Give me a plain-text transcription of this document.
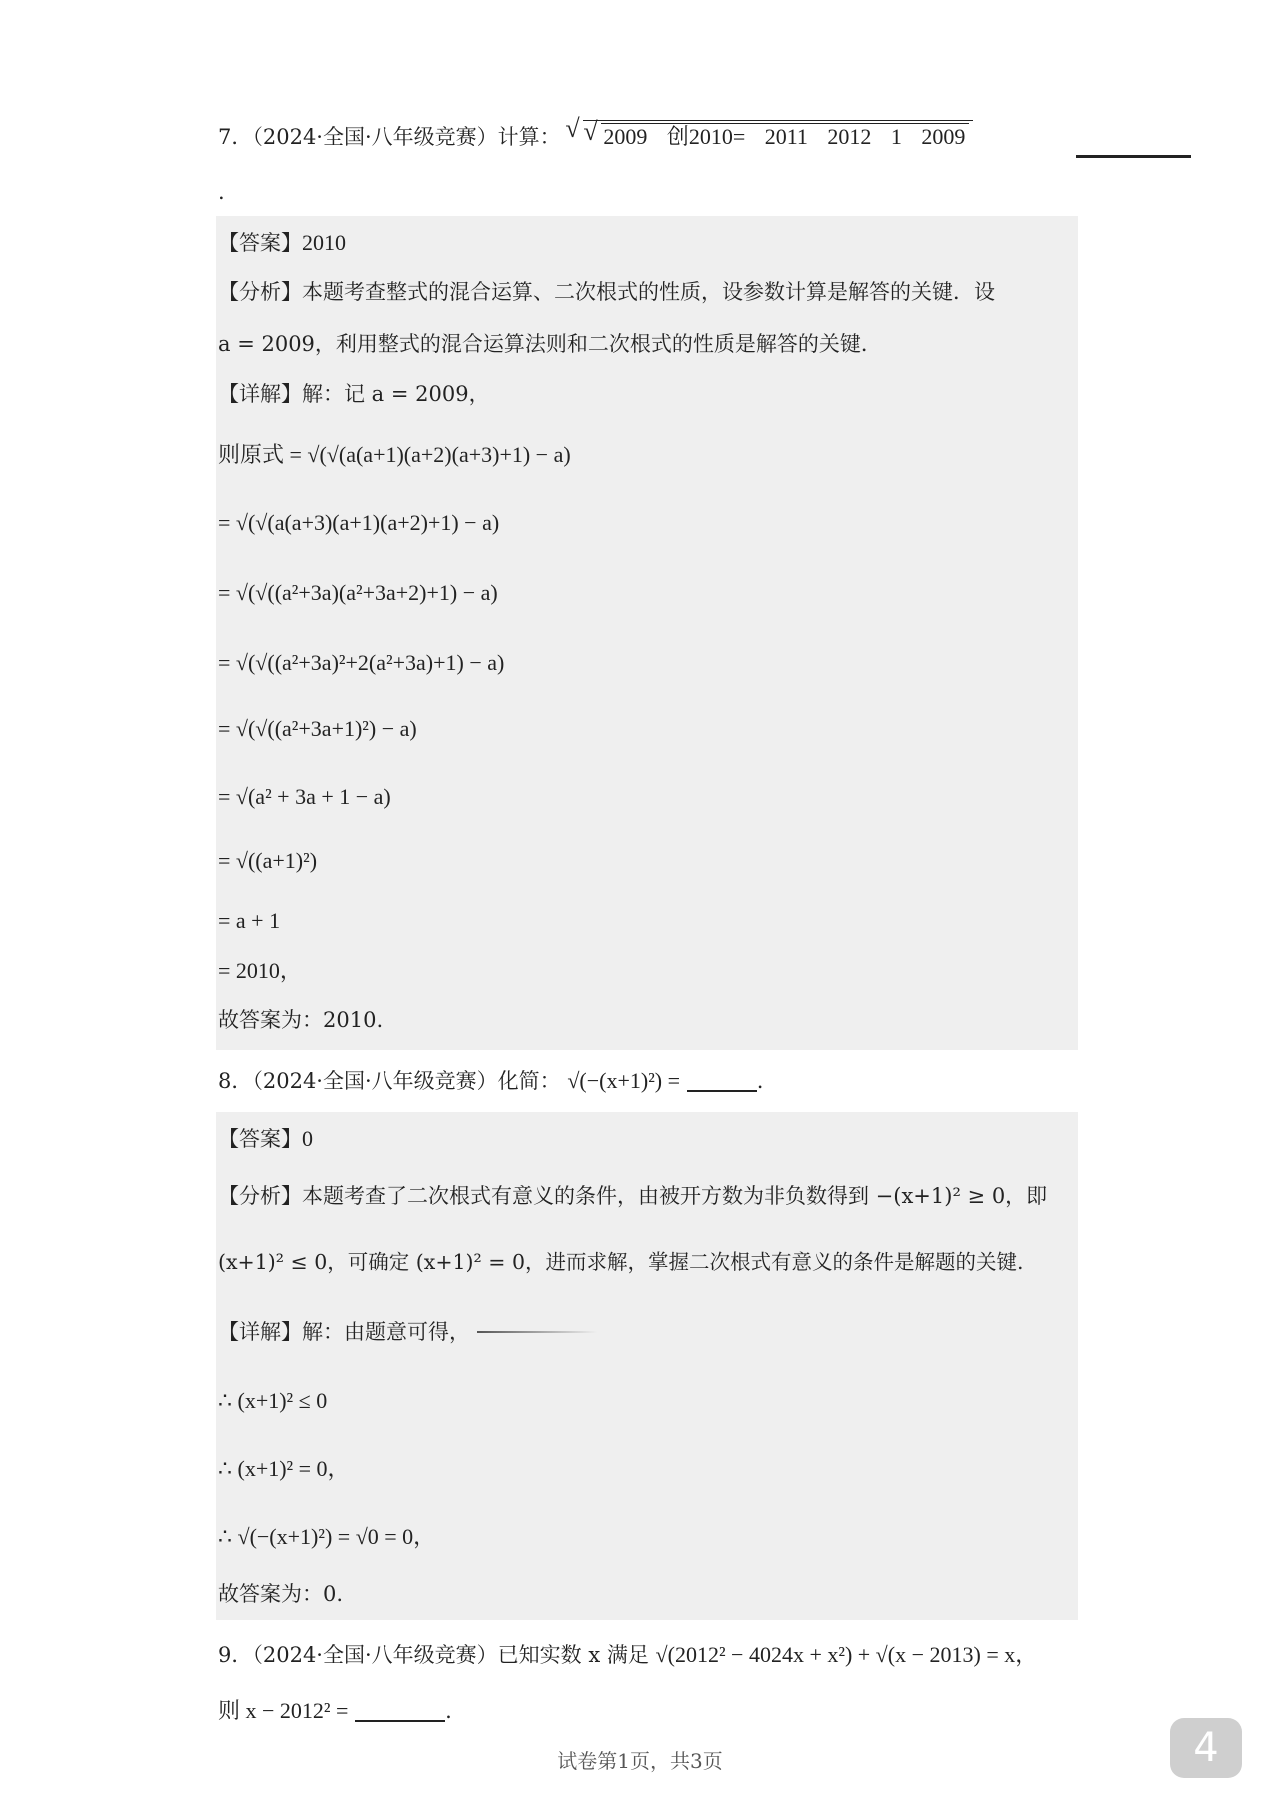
7．（2024·全国·八年级竞赛）计算： √ √ 2009 创2010= 2011 2012 1 2009
.
【答案】2010
【分析】本题考查整式的混合运算、二次根式的性质，设参数计算是解答的关键．设
a = 2009，利用整式的混合运算法则和二次根式的性质是解答的关键．
【详解】解：记 a = 2009，
则原式 = √(√(a(a+1)(a+2)(a+3)+1) − a)
= √(√(a(a+3)(a+1)(a+2)+1) − a)
= √(√((a²+3a)(a²+3a+2)+1) − a)
= √(√((a²+3a)²+2(a²+3a)+1) − a)
= √(√((a²+3a+1)²) − a)
= √(a² + 3a + 1 − a)
= √((a+1)²)
= a + 1
= 2010，
故答案为：2010.
8．（2024·全国·八年级竞赛）化简： √(−(x+1)²) =	.
【答案】0
【分析】本题考查了二次根式有意义的条件，由被开方数为非负数得到 −(x+1)² ≥ 0，即
(x+1)² ≤ 0，可确定 (x+1)² = 0，进而求解，掌握二次根式有意义的条件是解题的关键.
【详解】解：由题意可得，
∴ (x+1)² ≤ 0
∴ (x+1)² = 0，
∴ √(−(x+1)²) = √0 = 0，
故答案为：0.
9．（2024·全国·八年级竞赛）已知实数 x 满足 √(2012² − 4024x + x²) + √(x − 2013) = x，
则 x − 2012² =	.
试卷第1页，共3页	4
